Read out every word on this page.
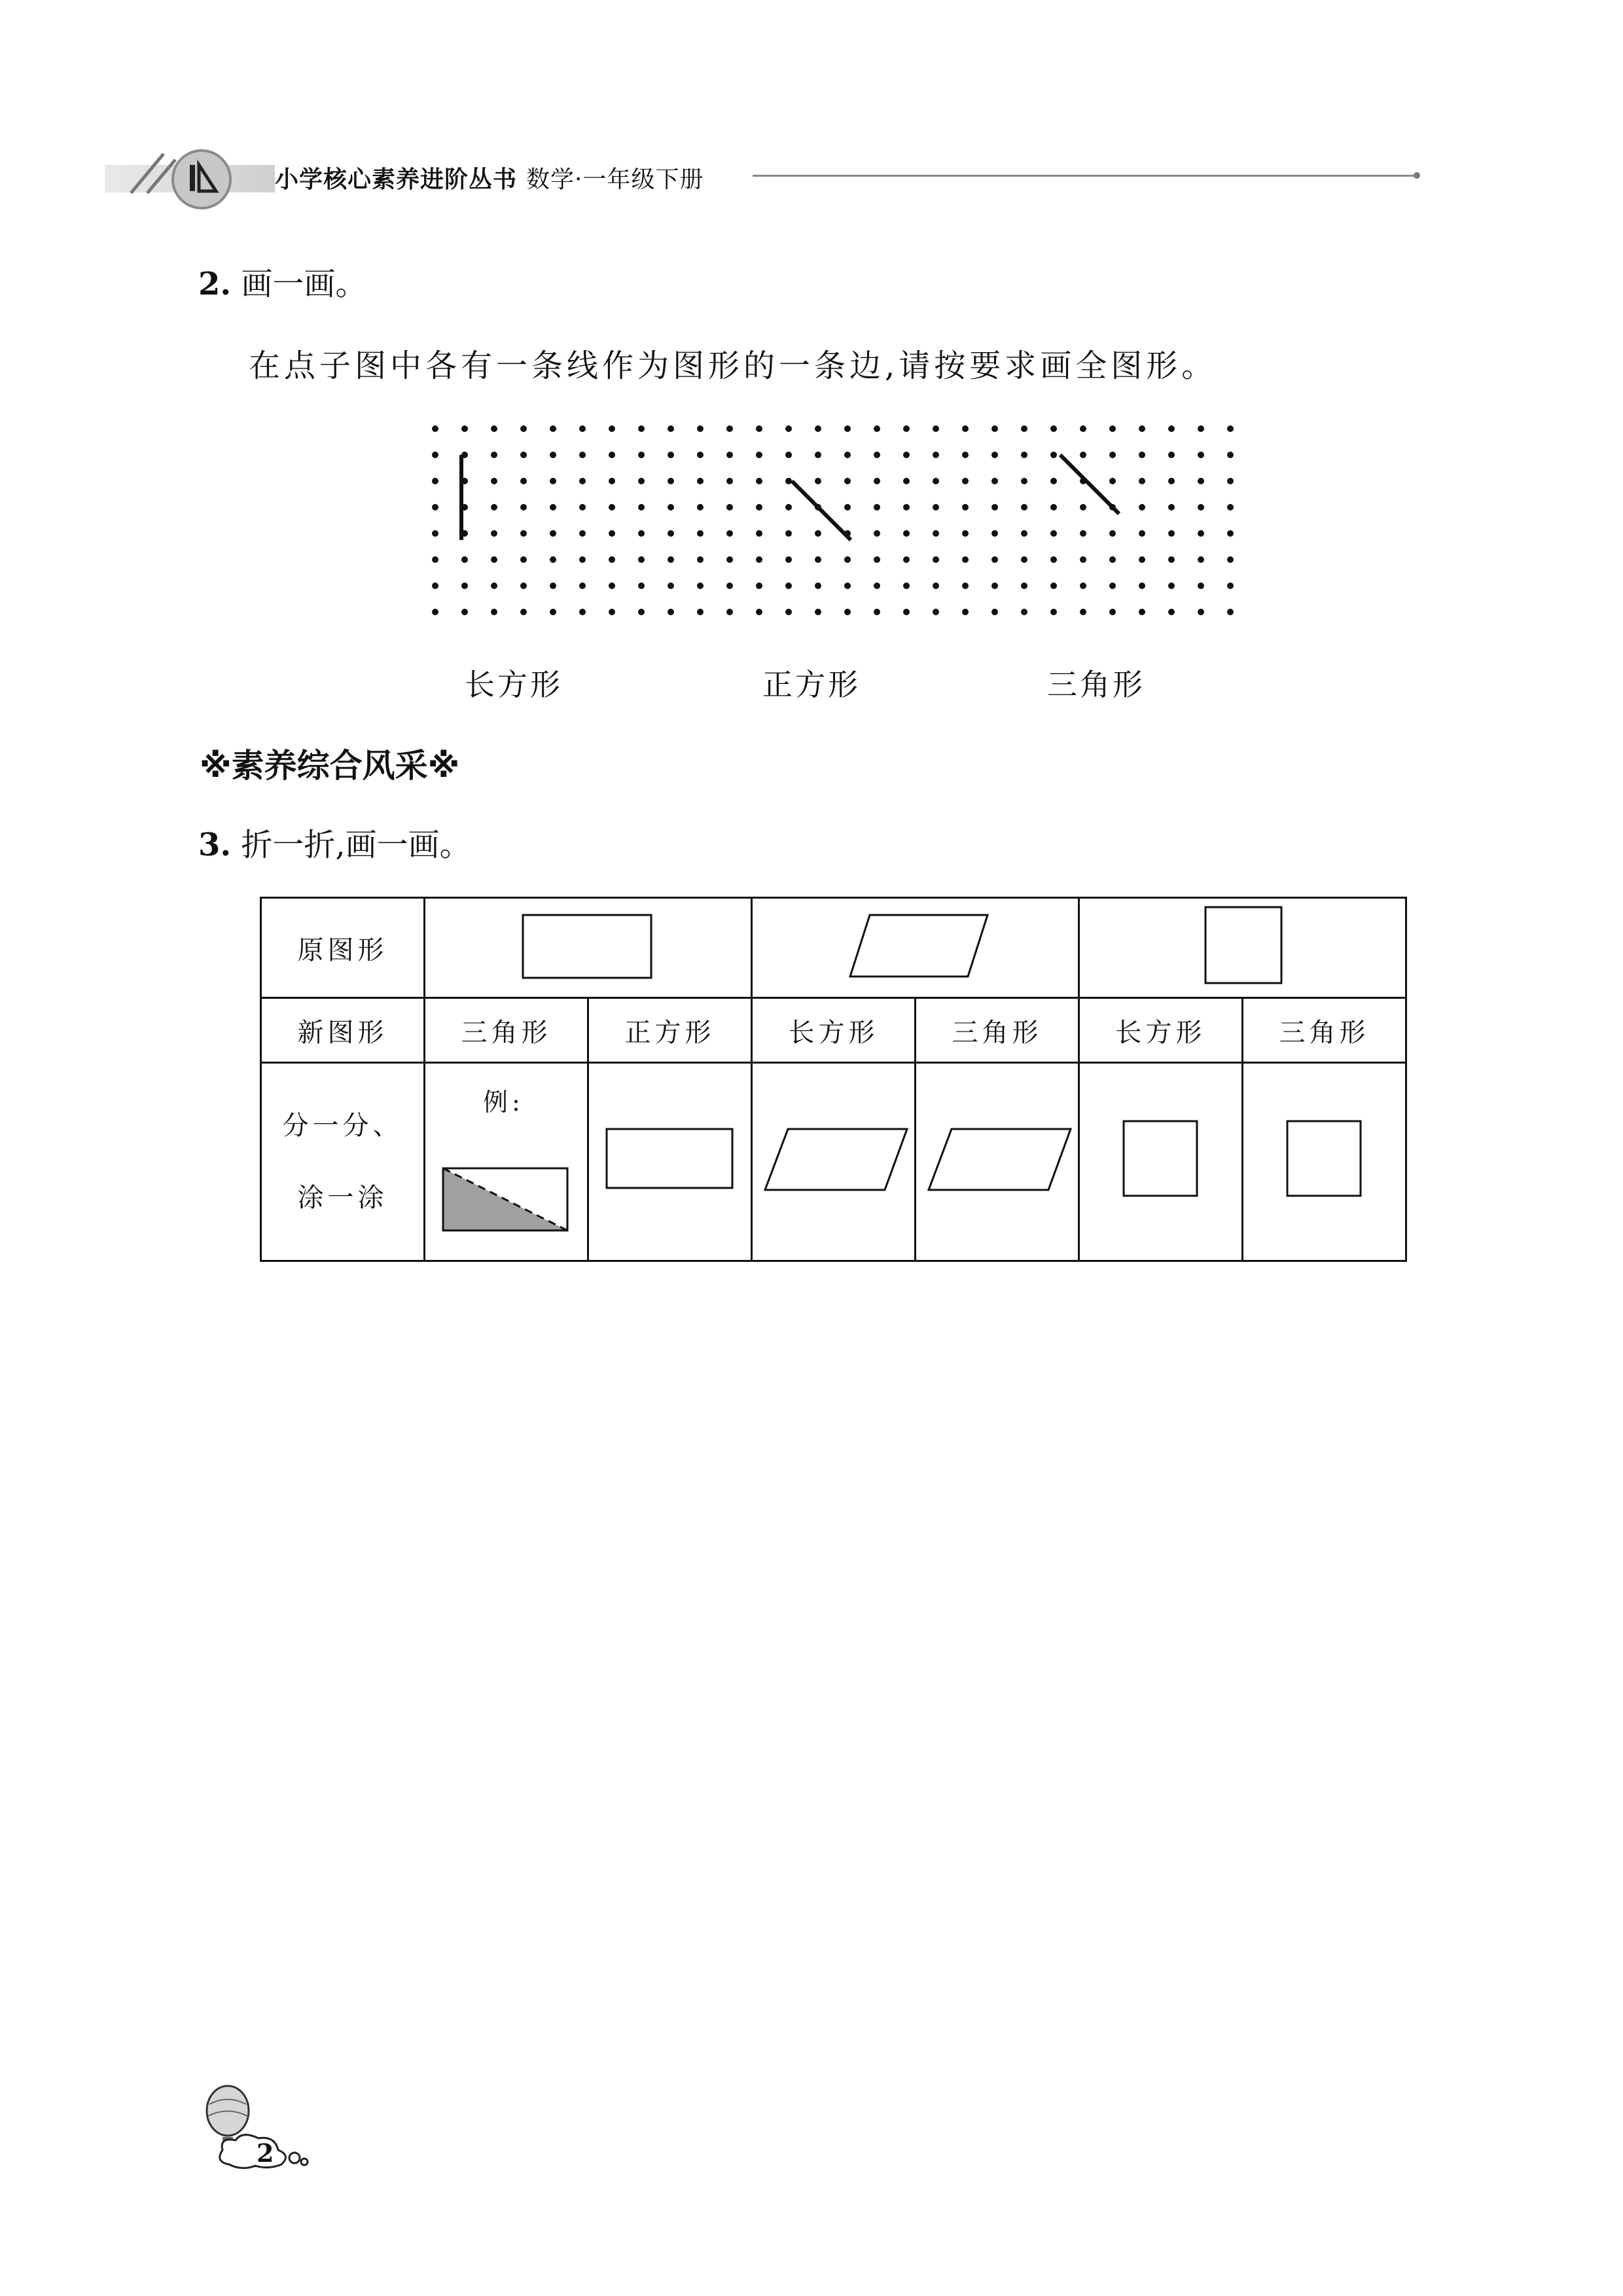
小学核心素养进阶丛书 数学·一年级下册
2. 画一画。
在点子图中各有一条线作为图形的一条边,请按要求画全图形。
长方形	正方形	三角形
※素养综合风采※
3. 折一折,画一画。
原图形			
新图形	三角形	正方形	长方形	三角形	长方形	三角形

分一分、
涂一涂	例:

2
